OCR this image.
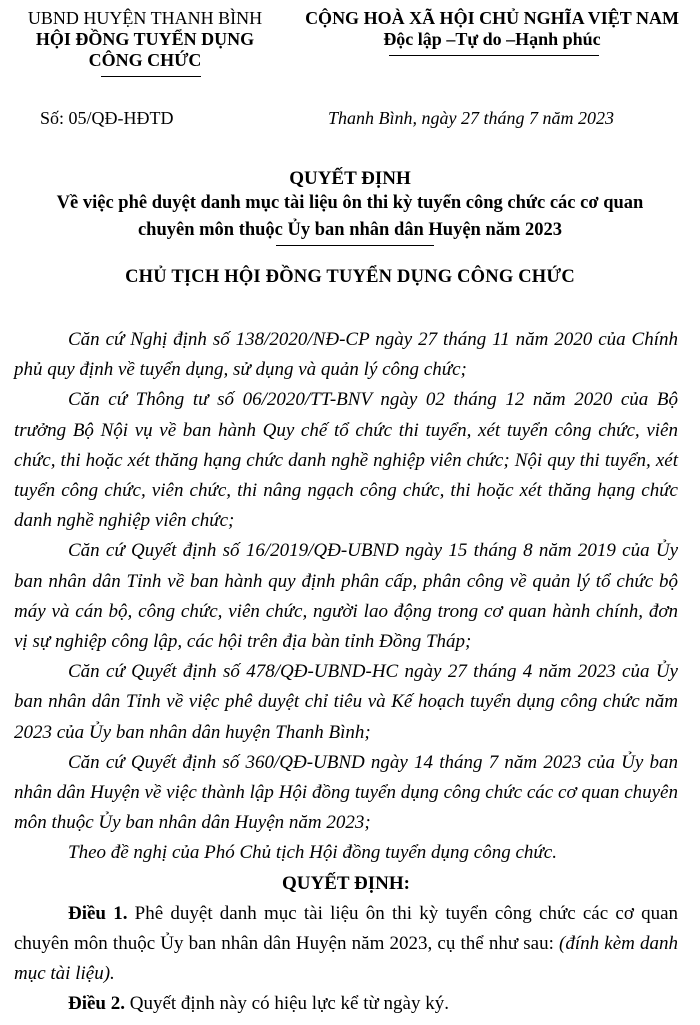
UBND HUYỆN THANH BÌNH
HỘI ĐỒNG TUYỂN DỤNG
CÔNG CHỨC
CỘNG HOÀ XÃ HỘI CHỦ NGHĨA VIỆT NAM
Độc lập –Tự do –Hạnh phúc
Số: 05/QĐ-HĐTD	Thanh Bình, ngày 27 tháng 7 năm 2023
QUYẾT ĐỊNH
Về việc phê duyệt danh mục tài liệu ôn thi kỳ tuyển công chức các cơ quan
chuyên môn thuộc Ủy ban nhân dân Huyện năm 2023
CHỦ TỊCH HỘI ĐỒNG TUYỂN DỤNG CÔNG CHỨC

Căn cứ Nghị định số 138/2020/NĐ-CP ngày 27 tháng 11 năm 2020 của Chính phủ quy định về tuyển dụng, sử dụng và quản lý công chức;

Căn cứ Thông tư số 06/2020/TT-BNV ngày 02 tháng 12 năm 2020 của Bộ trưởng Bộ Nội vụ về ban hành Quy chế tổ chức thi tuyển, xét tuyển công chức, viên chức, thi hoặc xét thăng hạng chức danh nghề nghiệp viên chức; Nội quy thi tuyển, xét tuyển công chức, viên chức, thi nâng ngạch công chức, thi hoặc xét thăng hạng chức danh nghề nghiệp viên chức;

Căn cứ Quyết định số 16/2019/QĐ-UBND ngày 15 tháng 8 năm 2019 của Ủy ban nhân dân Tỉnh về ban hành quy định phân cấp, phân công về quản lý tổ chức bộ máy và cán bộ, công chức, viên chức, người lao động trong cơ quan hành chính, đơn vị sự nghiệp công lập, các hội trên địa bàn tỉnh Đồng Tháp;

Căn cứ Quyết định số 478/QĐ-UBND-HC ngày 27 tháng 4 năm 2023 của Ủy ban nhân dân Tỉnh về việc phê duyệt chỉ tiêu và Kế hoạch tuyển dụng công chức năm 2023 của Ủy ban nhân dân huyện Thanh Bình;

Căn cứ Quyết định số 360/QĐ-UBND ngày 14 tháng 7 năm 2023 của Ủy ban nhân dân Huyện về việc thành lập Hội đồng tuyển dụng công chức các cơ quan chuyên môn thuộc Ủy ban nhân dân Huyện năm 2023;

Theo đề nghị của Phó Chủ tịch Hội đồng tuyển dụng công chức.

QUYẾT ĐỊNH:

Điều 1. Phê duyệt danh mục tài liệu ôn thi kỳ tuyển công chức các cơ quan chuyên môn thuộc Ủy ban nhân dân Huyện năm 2023, cụ thể như sau: (đính kèm danh mục tài liệu).

Điều 2. Quyết định này có hiệu lực kể từ ngày ký.
